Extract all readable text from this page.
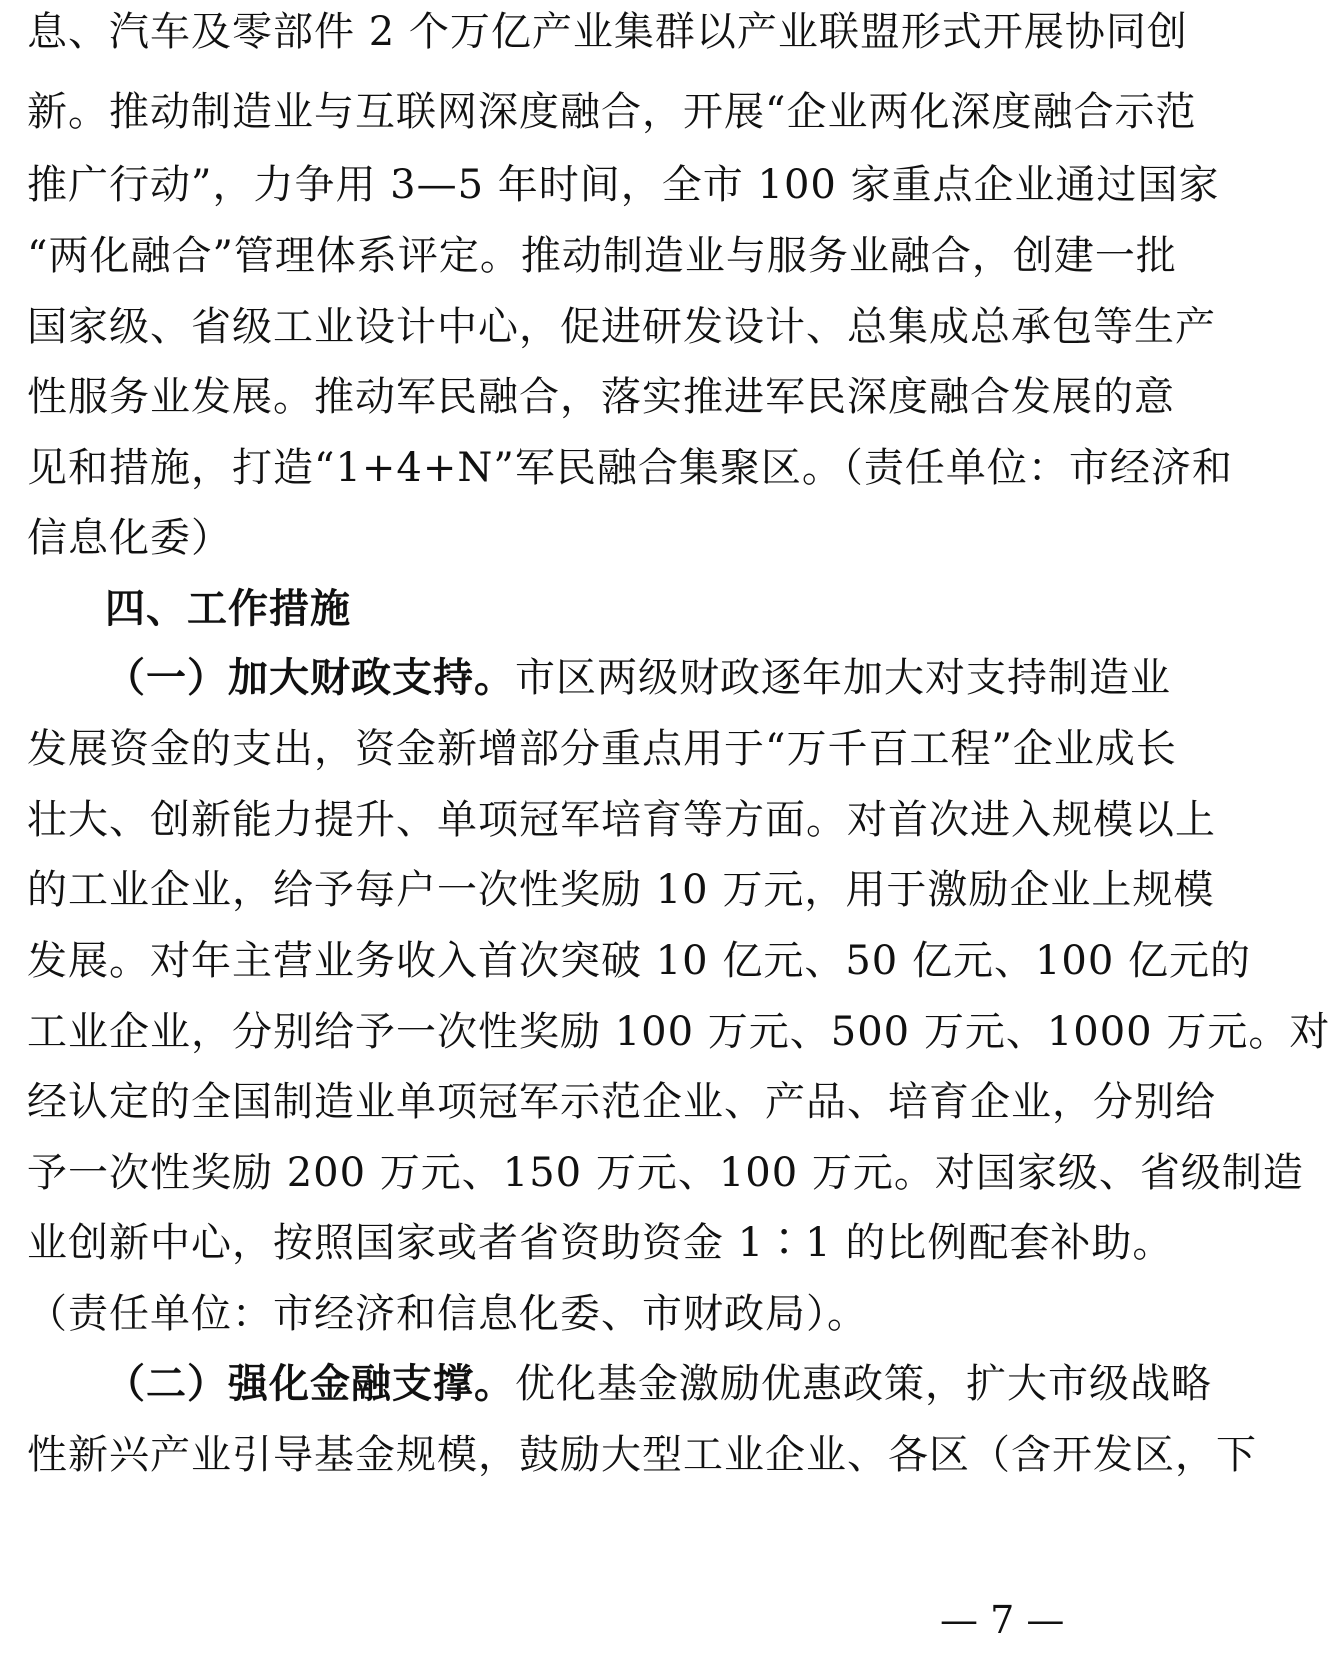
息、汽车及零部件 2 个万亿产业集群以产业联盟形式开展协同创
新。推动制造业与互联网深度融合，开展“企业两化深度融合示范
推广行动”，力争用 3—5 年时间，全市 100 家重点企业通过国家
“两化融合”管理体系评定。推动制造业与服务业融合，创建一批
国家级、省级工业设计中心，促进研发设计、总集成总承包等生产
性服务业发展。推动军民融合，落实推进军民深度融合发展的意
见和措施，打造“1+4+N”军民融合集聚区。（责任单位：市经济和
信息化委）
四、工作措施
（一）加大财政支持。市区两级财政逐年加大对支持制造业
发展资金的支出，资金新增部分重点用于“万千百工程”企业成长
壮大、创新能力提升、单项冠军培育等方面。对首次进入规模以上
的工业企业，给予每户一次性奖励 10 万元，用于激励企业上规模
发展。对年主营业务收入首次突破 10 亿元、50 亿元、100 亿元的
工业企业，分别给予一次性奖励 100 万元、500 万元、1000 万元。对
经认定的全国制造业单项冠军示范企业、产品、培育企业，分别给
予一次性奖励 200 万元、150 万元、100 万元。对国家级、省级制造
业创新中心，按照国家或者省资助资金 1∶1 的比例配套补助。
（责任单位：市经济和信息化委、市财政局）。
（二）强化金融支撑。优化基金激励优惠政策，扩大市级战略
性新兴产业引导基金规模，鼓励大型工业企业、各区（含开发区，下
— 7 —
